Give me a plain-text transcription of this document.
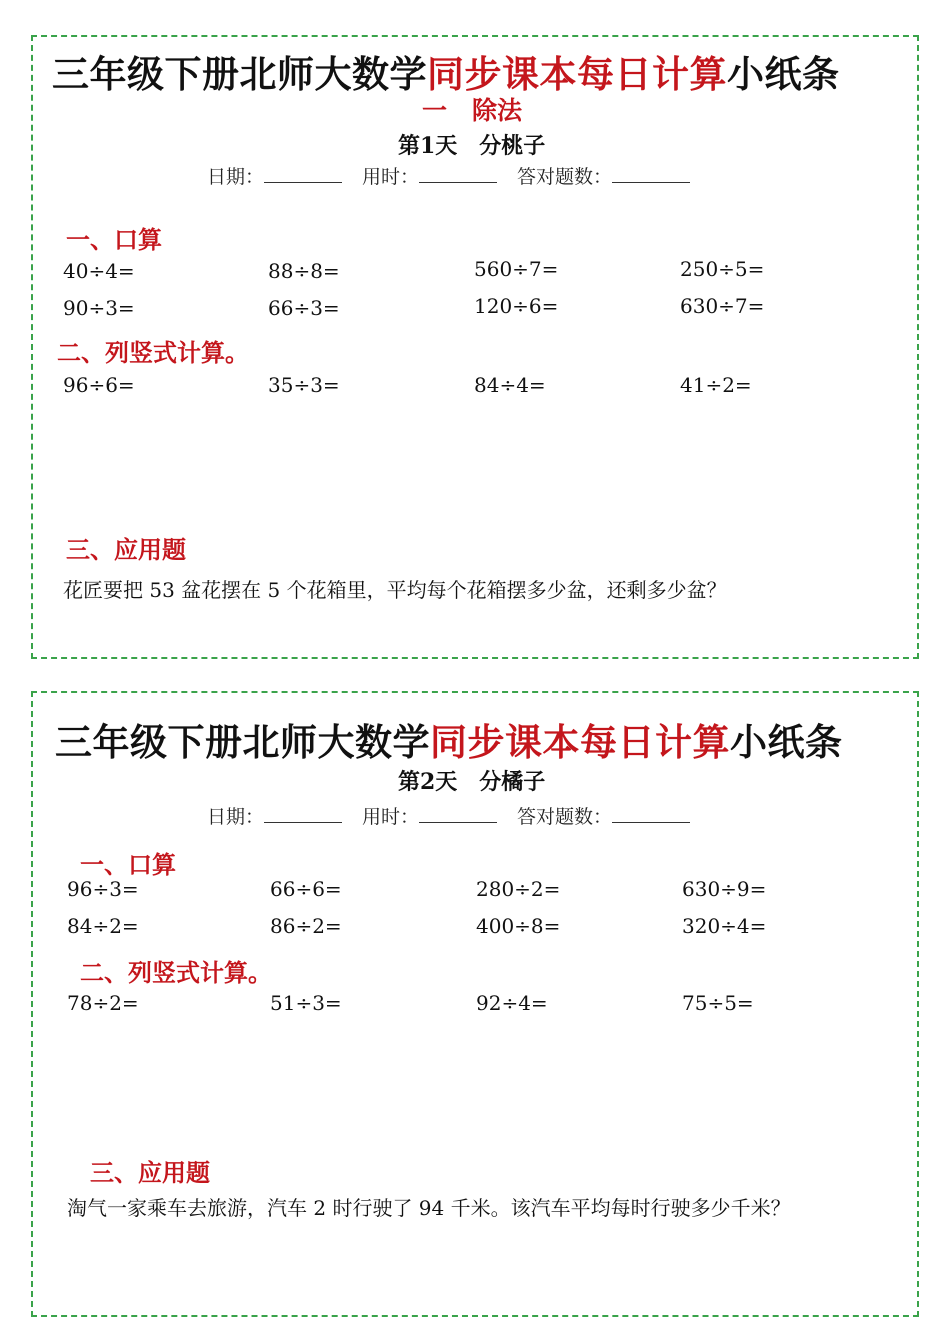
三年级下册北师大数学同步课本每日计算小纸条
一　除法
第1天　分桃子
日期：	用时：	答对题数：
一、口算
40÷4=	88÷8=	560÷7=	250÷5=
90÷3=	66÷3=	120÷6=	630÷7=
二、列竖式计算。
96÷6=	35÷3=	84÷4=	41÷2=
三、应用题
花匠要把 53 盆花摆在 5 个花箱里，平均每个花箱摆多少盆，还剩多少盆？
三年级下册北师大数学同步课本每日计算小纸条
第2天　分橘子
日期：	用时：	答对题数：
一、口算
96÷3=	66÷6=	280÷2=	630÷9=
84÷2=	86÷2=	400÷8=	320÷4=
二、列竖式计算。
78÷2=	51÷3=	92÷4=	75÷5=
三、应用题
淘气一家乘车去旅游，汽车 2 时行驶了 94 千米。该汽车平均每时行驶多少千米？
